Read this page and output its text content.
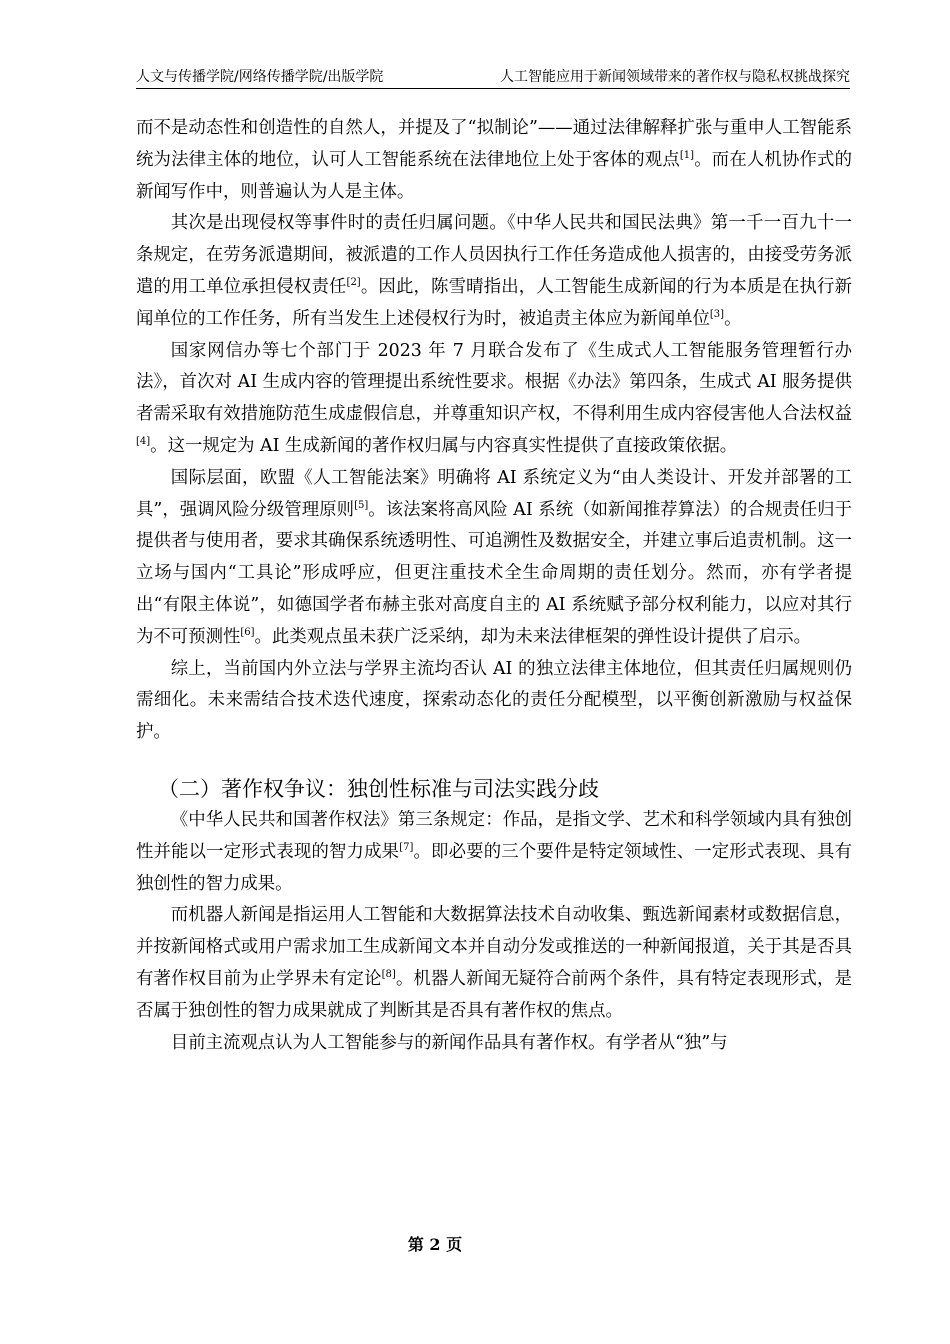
人文与传播学院/网络传播学院/出版学院	人工智能应用于新闻领域带来的著作权与隐私权挑战探究

而不是动态性和创造性的自然人，并提及了“拟制论”——通过法律解释扩张与重申人工智能系统为法律主体的地位，认可人工智能系统在法律地位上处于客体的观点[1]。而在人机协作式的新闻写作中，则普遍认为人是主体。

其次是出现侵权等事件时的责任归属问题。《中华人民共和国民法典》第一千一百九十一条规定，在劳务派遣期间，被派遣的工作人员因执行工作任务造成他人损害的，由接受劳务派遣的用工单位承担侵权责任[2]。因此，陈雪晴指出，人工智能生成新闻的行为本质是在执行新闻单位的工作任务，所有当发生上述侵权行为时，被追责主体应为新闻单位[3]。

国家网信办等七个部门于 2023 年 7 月联合发布了《生成式人工智能服务管理暂行办法》，首次对 AI 生成内容的管理提出系统性要求。根据《办法》第四条，生成式 AI 服务提供者需采取有效措施防范生成虚假信息，并尊重知识产权，不得利用生成内容侵害他人合法权益[4]。这一规定为 AI 生成新闻的著作权归属与内容真实性提供了直接政策依据。

国际层面，欧盟《人工智能法案》明确将 AI 系统定义为“由人类设计、开发并部署的工具”，强调风险分级管理原则[5]。该法案将高风险 AI 系统（如新闻推荐算法）的合规责任归于提供者与使用者，要求其确保系统透明性、可追溯性及数据安全，并建立事后追责机制。这一立场与国内“工具论”形成呼应，但更注重技术全生命周期的责任划分。然而，亦有学者提出“有限主体说”，如德国学者布赫主张对高度自主的 AI 系统赋予部分权利能力，以应对其行为不可预测性[6]。此类观点虽未获广泛采纳，却为未来法律框架的弹性设计提供了启示。

综上，当前国内外立法与学界主流均否认 AI 的独立法律主体地位，但其责任归属规则仍需细化。未来需结合技术迭代速度，探索动态化的责任分配模型，以平衡创新激励与权益保护。

（二）著作权争议：独创性标准与司法实践分歧

《中华人民共和国著作权法》第三条规定：作品，是指文学、艺术和科学领域内具有独创性并能以一定形式表现的智力成果[7]。即必要的三个要件是特定领域性、一定形式表现、具有独创性的智力成果。

而机器人新闻是指运用人工智能和大数据算法技术自动收集、甄选新闻素材或数据信息，并按新闻格式或用户需求加工生成新闻文本并自动分发或推送的一种新闻报道，关于其是否具有著作权目前为止学界未有定论[8]。机器人新闻无疑符合前两个条件，具有特定表现形式，是否属于独创性的智力成果就成了判断其是否具有著作权的焦点。

目前主流观点认为人工智能参与的新闻作品具有著作权。有学者从“独”与

第 2 页
